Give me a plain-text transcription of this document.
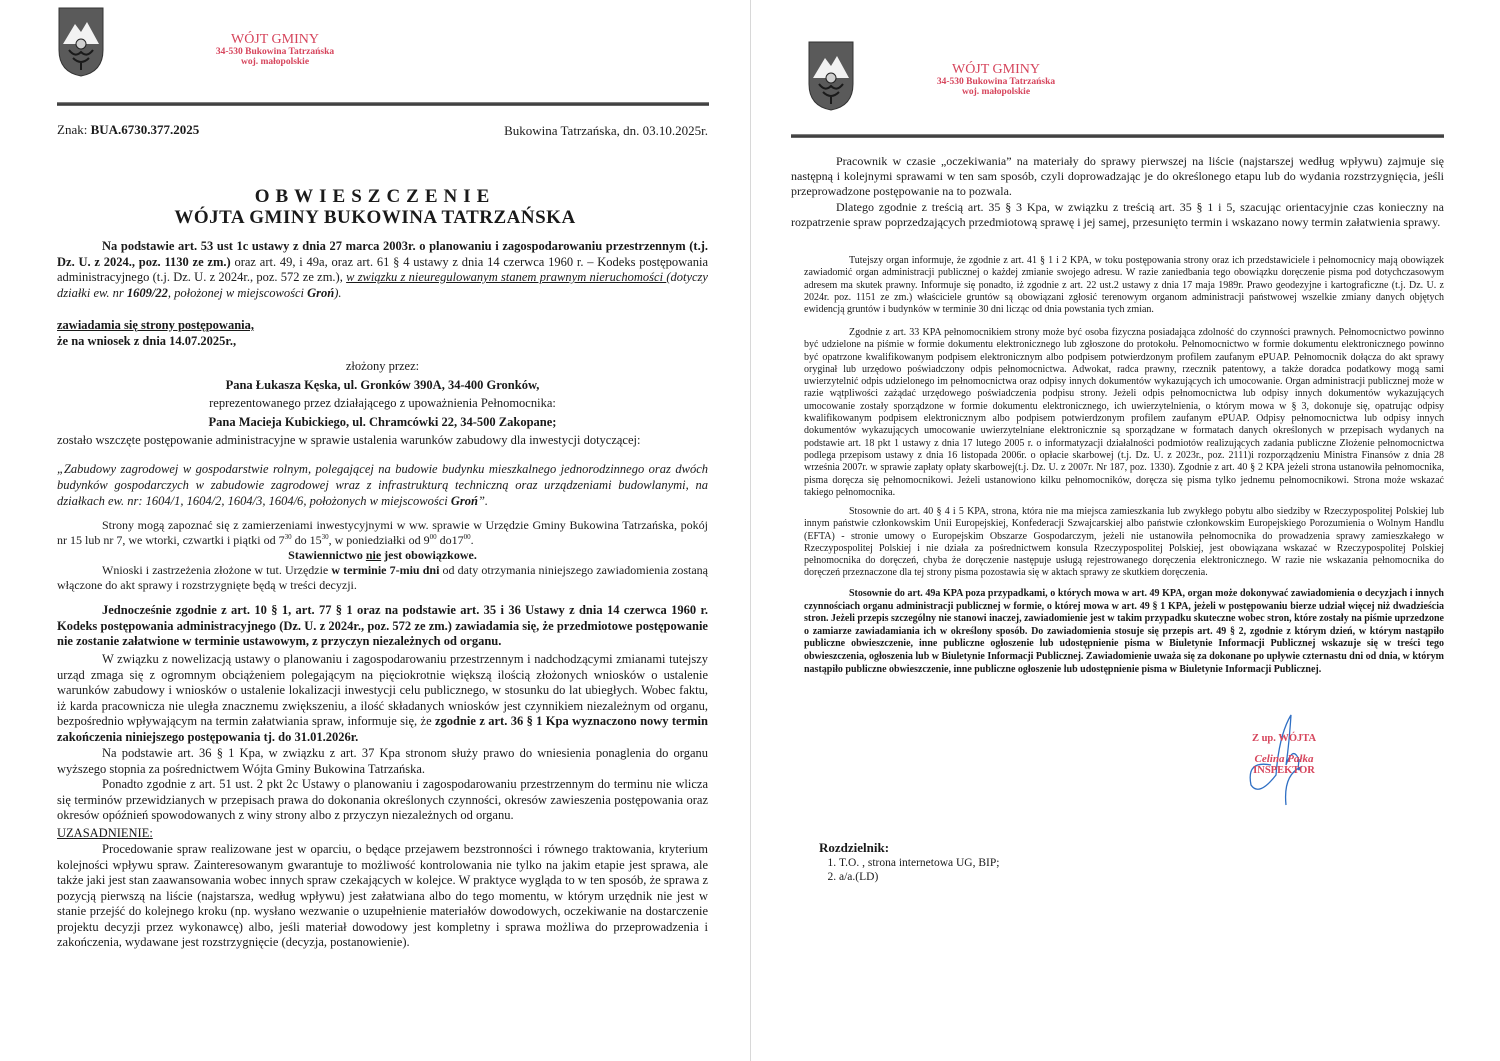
WÓJT GMINY
34-530 Bukowina Tatrzańska
woj. małopolskie
Znak: BUA.6730.377.2025	Bukowina Tatrzańska, dn. 03.10.2025r.
OBWIESZCZENIE
WÓJTA GMINY BUKOWINA TATRZAŃSKA
Na podstawie art. 53 ust 1c ustawy z dnia 27 marca 2003r. o planowaniu i zagospodarowaniu przestrzennym (t.j. Dz. U. z 2024., poz. 1130 ze zm.) oraz art. 49, i 49a, oraz art. 61 § 4 ustawy z dnia 14 czerwca 1960 r. – Kodeks postępowania administracyjnego (t.j. Dz. U. z 2024r., poz. 572 ze zm.), w związku z nieuregulowanym stanem prawnym nieruchomości (dotyczy działki ew. nr 1609/22, położonej w miejscowości Groń).
zawiadamia się strony postępowania,
że na wniosek z dnia 14.07.2025r.,
złożony przez:
Pana Łukasza Kęska, ul. Gronków 390A, 34-400 Gronków,
reprezentowanego przez działającego z upoważnienia Pełnomocnika:
Pana Macieja Kubickiego, ul. Chramcówki 22, 34-500 Zakopane;
zostało wszczęte postępowanie administracyjne w sprawie ustalenia warunków zabudowy dla inwestycji dotyczącej:
„Zabudowy zagrodowej w gospodarstwie rolnym, polegającej na budowie budynku mieszkalnego jednorodzinnego oraz dwóch budynków gospodarczych w zabudowie zagrodowej wraz z infrastrukturą techniczną oraz urządzeniami budowlanymi, na działkach ew. nr: 1604/1, 1604/2, 1604/3, 1604/6, położonych w miejscowości Groń”.
Strony mogą zapoznać się z zamierzeniami inwestycyjnymi w ww. sprawie w Urzędzie Gminy Bukowina Tatrzańska, pokój nr 15 lub nr 7, we wtorki, czwartki i piątki od $7^{30}$ do $15^{30}$, w poniedziałki od $9^{00}$ $do17^{00}$.
Stawiennictwo nie jest obowiązkowe.
Wnioski i zastrzeżenia złożone w tut. Urzędzie w terminie 7-miu dni od daty otrzymania niniejszego zawiadomienia zostaną włączone do akt sprawy i rozstrzygnięte będą w treści decyzji.
Jednocześnie zgodnie z art. 10 § 1, art. 77 § 1 oraz na podstawie art. 35 i 36 Ustawy z dnia 14 czerwca 1960 r. Kodeks postępowania administracyjnego (Dz. U. z 2024r., poz. 572 ze zm.) zawiadamia się, że przedmiotowe postępowanie nie zostanie załatwione w terminie ustawowym, z przyczyn niezależnych od organu.
W związku z nowelizacją ustawy o planowaniu i zagospodarowaniu przestrzennym i nadchodzącymi zmianami tutejszy urząd zmaga się z ogromnym obciążeniem polegającym na pięciokrotnie większą ilością złożonych wniosków o ustalenie warunków zabudowy i wniosków o ustalenie lokalizacji inwestycji celu publicznego, w stosunku do lat ubiegłych. Wobec faktu, iż karda pracownicza nie uległa znacznemu zwiększeniu, a ilość składanych wniosków jest czynnikiem niezależnym od organu, bezpośrednio wpływającym na termin załatwiania spraw, informuje się, że zgodnie z art. 36 § 1 Kpa wyznaczono nowy termin zakończenia niniejszego postępowania tj. do 31.01.2026r.
Na podstawie art. 36 § 1 Kpa, w związku z art. 37 Kpa stronom służy prawo do wniesienia ponaglenia do organu wyższego stopnia za pośrednictwem Wójta Gminy Bukowina Tatrzańska.
Ponadto zgodnie z art. 51 ust. 2 pkt 2c Ustawy o planowaniu i zagospodarowaniu przestrzennym do terminu nie wlicza się terminów przewidzianych w przepisach prawa do dokonania określonych czynności, okresów zawieszenia postępowania oraz okresów opóźnień spowodowanych z winy strony albo z przyczyn niezależnych od organu.
UZASADNIENIE:
Procedowanie spraw realizowane jest w oparciu, o będące przejawem bezstronności i równego traktowania, kryterium kolejności wpływu spraw. Zainteresowanym gwarantuje to możliwość kontrolowania nie tylko na jakim etapie jest sprawa, ale także jaki jest stan zaawansowania wobec innych spraw czekających w kolejce. W praktyce wygląda to w ten sposób, że sprawa z pozycją pierwszą na liście (najstarsza, według wpływu) jest załatwiana albo do tego momentu, w którym urzędnik nie jest w stanie przejść do kolejnego kroku (np. wysłano wezwanie o uzupełnienie materiałów dowodowych, oczekiwanie na dostarczenie projektu decyzji przez wykonawcę) albo, jeśli materiał dowodowy jest kompletny i sprawa możliwa do przeprowadzenia i zakończenia, wydawane jest rozstrzygnięcie (decyzja, postanowienie).
WÓJT GMINY
34-530 Bukowina Tatrzańska
woj. małopolskie
Pracownik w czasie „oczekiwania” na materiały do sprawy pierwszej na liście (najstarszej według wpływu) zajmuje się następną i kolejnymi sprawami w ten sam sposób, czyli doprowadzając je do określonego etapu lub do wydania rozstrzygnięcia, jeśli przeprowadzone postępowanie na to pozwala.
Dlatego zgodnie z treścią art. 35 § 3 Kpa, w związku z treścią art. 35 § 1 i 5, szacując orientacyjnie czas konieczny na rozpatrzenie spraw poprzedzających przedmiotową sprawę i jej samej, przesunięto termin i wskazano nowy termin załatwienia sprawy.
Tutejszy organ informuje, że zgodnie z art. 41 § 1 i 2 KPA, w toku postępowania strony oraz ich przedstawiciele i pełnomocnicy mają obowiązek zawiadomić organ administracji publicznej o każdej zmianie swojego adresu. W razie zaniedbania tego obowiązku doręczenie pisma pod dotychczasowym adresem ma skutek prawny. Informuje się ponadto, iż zgodnie z art. 22 ust.2 ustawy z dnia 17 maja 1989r. Prawo geodezyjne i kartograficzne (t.j. Dz. U. z 2024r. poz. 1151 ze zm.) właściciele gruntów są obowiązani zgłosić terenowym organom administracji państwowej wszelkie zmiany danych objętych ewidencją gruntów i budynków w terminie 30 dni licząc od dnia powstania tych zmian.
Zgodnie z art. 33 KPA pełnomocnikiem strony może być osoba fizyczna posiadająca zdolność do czynności prawnych. Pełnomocnictwo powinno być udzielone na piśmie w formie dokumentu elektronicznego lub zgłoszone do protokołu. Pełnomocnictwo w formie dokumentu elektronicznego powinno być opatrzone kwalifikowanym podpisem elektronicznym albo podpisem potwierdzonym profilem zaufanym ePUAP. Pełnomocnik dołącza do akt sprawy oryginał lub urzędowo poświadczony odpis pełnomocnictwa. Adwokat, radca prawny, rzecznik patentowy, a także doradca podatkowy mogą sami uwierzytelnić odpis udzielonego im pełnomocnictwa oraz odpisy innych dokumentów wykazujących ich umocowanie. Organ administracji publicznej może w razie wątpliwości zażądać urzędowego poświadczenia podpisu strony. Jeżeli odpis pełnomocnictwa lub odpisy innych dokumentów wykazujących umocowanie zostały sporządzone w formie dokumentu elektronicznego, ich uwierzytelnienia, o którym mowa w § 3, dokonuje się, opatrując odpisy kwalifikowanym podpisem elektronicznym albo podpisem potwierdzonym profilem zaufanym ePUAP. Odpisy pełnomocnictwa lub odpisy innych dokumentów wykazujących umocowanie uwierzytelniane elektronicznie są sporządzane w formatach danych określonych w przepisach wydanych na podstawie art. 18 pkt 1 ustawy z dnia 17 lutego 2005 r. o informatyzacji działalności podmiotów realizujących zadania publiczne Złożenie pełnomocnictwa podlega przepisom ustawy z dnia 16 listopada 2006r. o opłacie skarbowej (t.j. Dz. U. z 2023r., poz. 2111)i rozporządzeniu Ministra Finansów z dnia 28 września 2007r. w sprawie zapłaty opłaty skarbowej(t.j. Dz. U. z 2007r. Nr 187, poz. 1330). Zgodnie z art. 40 § 2 KPA jeżeli strona ustanowiła pełnomocnika, pisma doręcza się pełnomocnikowi. Jeżeli ustanowiono kilku pełnomocników, doręcza się pisma tylko jednemu pełnomocnikowi. Strona może wskazać takiego pełnomocnika.
Stosownie do art. 40 § 4 i 5 KPA, strona, która nie ma miejsca zamieszkania lub zwykłego pobytu albo siedziby w Rzeczypospolitej Polskiej lub innym państwie członkowskim Unii Europejskiej, Konfederacji Szwajcarskiej albo państwie członkowskim Europejskiego Porozumienia o Wolnym Handlu (EFTA) - stronie umowy o Europejskim Obszarze Gospodarczym, jeżeli nie ustanowiła pełnomocnika do prowadzenia sprawy zamieszkałego w Rzeczypospolitej Polskiej i nie działa za pośrednictwem konsula Rzeczypospolitej Polskiej, jest obowiązana wskazać w Rzeczypospolitej Polskiej pełnomocnika do doręczeń, chyba że doręczenie następuje usługą rejestrowanego doręczenia elektronicznego. W razie nie wskazania pełnomocnika do doręczeń przeznaczone dla tej strony pisma pozostawia się w aktach sprawy ze skutkiem doręczenia.
Stosownie do art. 49a KPA poza przypadkami, o których mowa w art. 49 KPA, organ może dokonywać zawiadomienia o decyzjach i innych czynnościach organu administracji publicznej w formie, o której mowa w art. 49 § 1 KPA, jeżeli w postępowaniu bierze udział więcej niż dwadzieścia stron. Jeżeli przepis szczególny nie stanowi inaczej, zawiadomienie jest w takim przypadku skuteczne wobec stron, które zostały na piśmie uprzedzone o zamiarze zawiadamiania ich w określony sposób. Do zawiadomienia stosuje się przepis art. 49 § 2, zgodnie z którym dzień, w którym nastąpiło publiczne obwieszczenie, inne publiczne ogłoszenie lub udostępnienie pisma w Biuletynie Informacji Publicznej wskazuje się w treści tego obwieszczenia, ogłoszenia lub w Biuletynie Informacji Publicznej. Zawiadomienie uważa się za dokonane po upływie czternastu dni od dnia, w którym nastąpiło publiczne obwieszczenie, inne publiczne ogłoszenie lub udostępnienie pisma w Biuletynie Informacji Publicznej.
Z up. WÓJTA
Celina Pałka
INSPEKTOR
Rozdzielnik:
1. T.O. , strona internetowa UG, BIP;
2. a/a.(LD)
